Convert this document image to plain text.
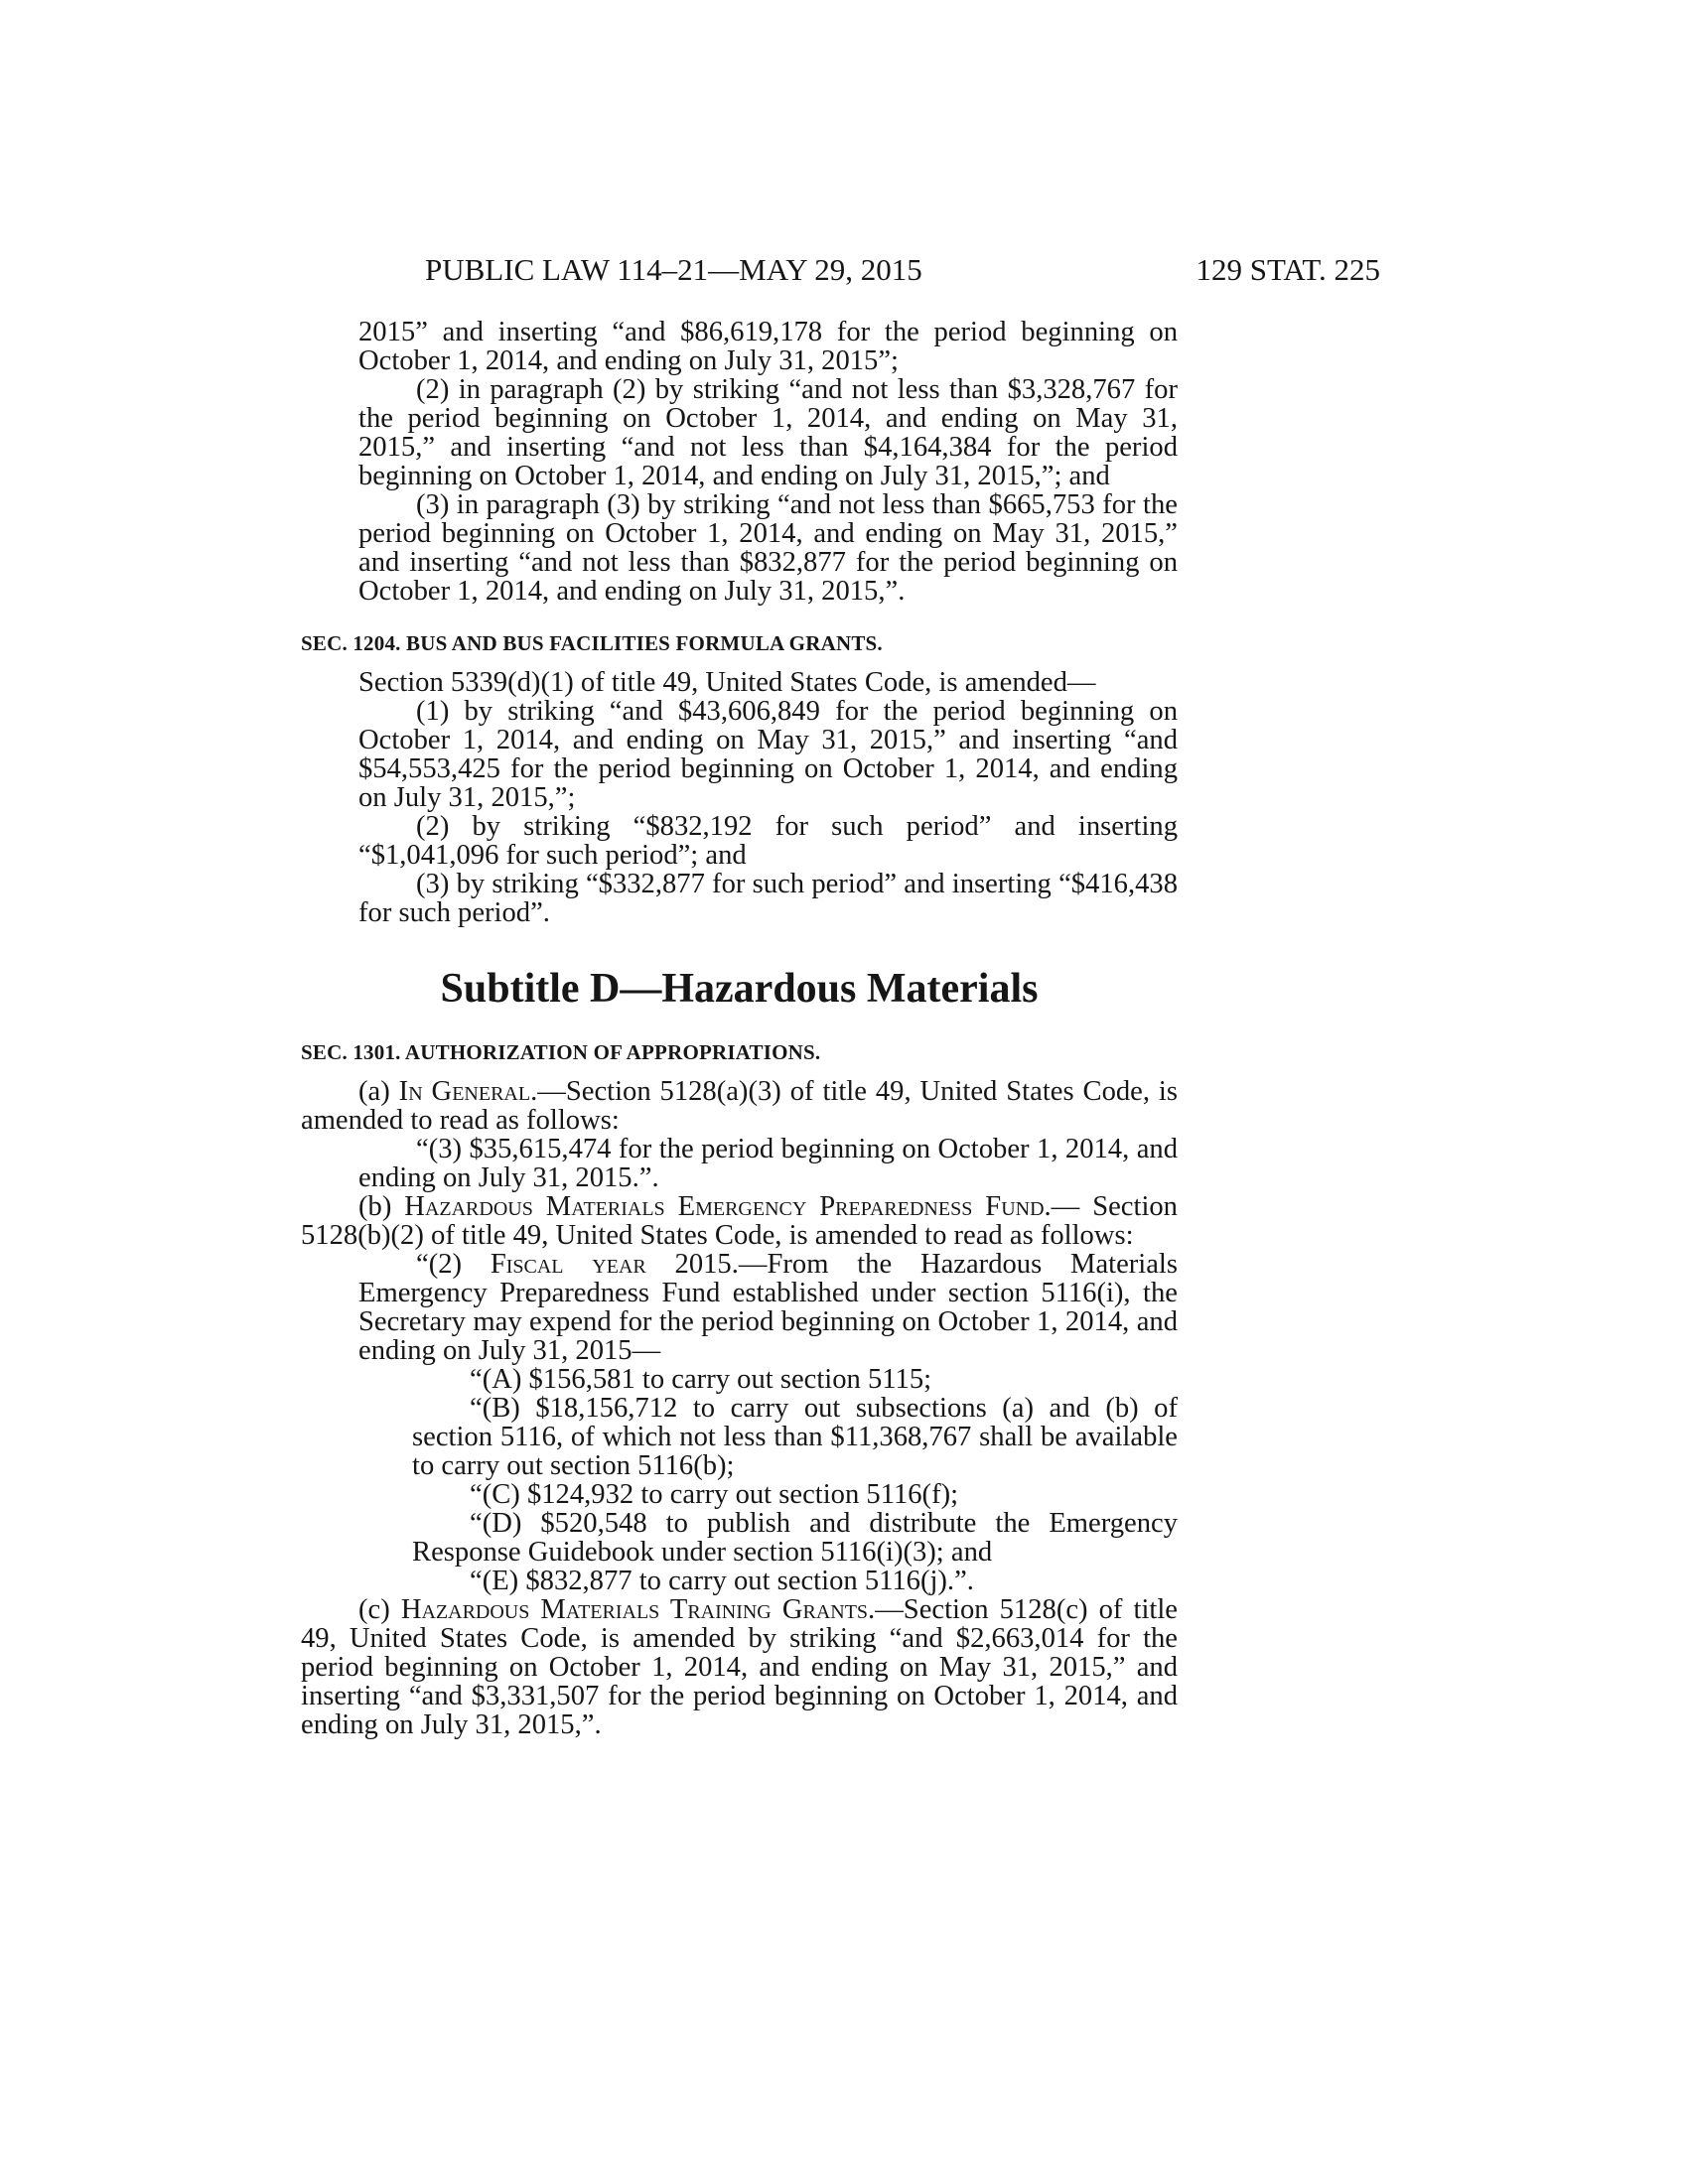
PUBLIC LAW 114–21—MAY 29, 2015	129 STAT. 225

2015” and inserting “and $86,619,178 for the period beginning on October 1, 2014, and ending on July 31, 2015”;

(2) in paragraph (2) by striking “and not less than $3,328,767 for the period beginning on October 1, 2014, and ending on May 31, 2015,” and inserting “and not less than $4,164,384 for the period beginning on October 1, 2014, and ending on July 31, 2015,”; and

(3) in paragraph (3) by striking “and not less than $665,753 for the period beginning on October 1, 2014, and ending on May 31, 2015,” and inserting “and not less than $832,877 for the period beginning on October 1, 2014, and ending on July 31, 2015,”.

SEC. 1204. BUS AND BUS FACILITIES FORMULA GRANTS.

Section 5339(d)(1) of title 49, United States Code, is amended—

(1) by striking “and $43,606,849 for the period beginning on October 1, 2014, and ending on May 31, 2015,” and inserting “and $54,553,425 for the period beginning on October 1, 2014, and ending on July 31, 2015,”;

(2) by striking “$832,192 for such period” and inserting “$1,041,096 for such period”; and

(3) by striking “$332,877 for such period” and inserting “$416,438 for such period”.

Subtitle D—Hazardous Materials

SEC. 1301. AUTHORIZATION OF APPROPRIATIONS.

(a) In General.—Section 5128(a)(3) of title 49, United States Code, is amended to read as follows:

“(3) $35,615,474 for the period beginning on October 1, 2014, and ending on July 31, 2015.”.

(b) Hazardous Materials Emergency Preparedness Fund.— Section 5128(b)(2) of title 49, United States Code, is amended to read as follows:

“(2) Fiscal year 2015.—From the Hazardous Materials Emergency Preparedness Fund established under section 5116(i), the Secretary may expend for the period beginning on October 1, 2014, and ending on July 31, 2015—

“(A) $156,581 to carry out section 5115;

“(B) $18,156,712 to carry out subsections (a) and (b) of section 5116, of which not less than $11,368,767 shall be available to carry out section 5116(b);

“(C) $124,932 to carry out section 5116(f);

“(D) $520,548 to publish and distribute the Emergency Response Guidebook under section 5116(i)(3); and

“(E) $832,877 to carry out section 5116(j).”.

(c) Hazardous Materials Training Grants.—Section 5128(c) of title 49, United States Code, is amended by striking “and $2,663,014 for the period beginning on October 1, 2014, and ending on May 31, 2015,” and inserting “and $3,331,507 for the period beginning on October 1, 2014, and ending on July 31, 2015,”.
